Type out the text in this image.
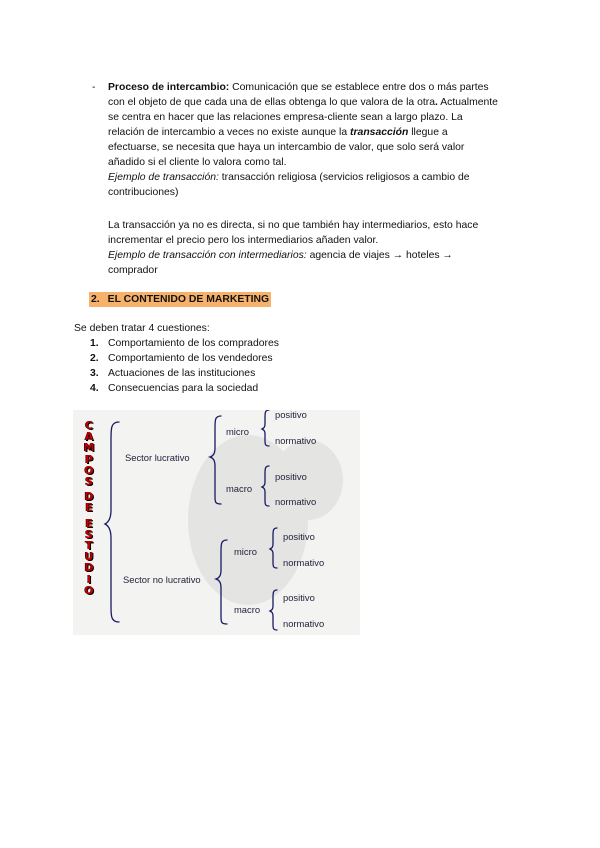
- Proceso de intercambio: Comunicación que se establece entre dos o más partes
con el objeto de que cada una de ellas obtenga lo que valora de la otra. Actualmente
se centra en hacer que las relaciones empresa-cliente sean a largo plazo. La
relación de intercambio a veces no existe aunque la transacción llegue a
efectuarse, se necesita que haya un intercambio de valor, que solo será valor
añadido si el cliente lo valora como tal.
Ejemplo de transacción: transacción religiosa (servicios religiosos a cambio de
contribuciones)
La transacción ya no es directa, si no que también hay intermediarios, esto hace
incrementar el precio pero los intermediarios añaden valor.
Ejemplo de transacción con intermediarios: agencia de viajes → hoteles →
comprador
2. EL CONTENIDO DE MARKETING
Se deben tratar 4 cuestiones:
1. Comportamiento de los compradores
2. Comportamiento de los vendedores
3. Actuaciones de las instituciones
4. Consecuencias para la sociedad
C
A
M
P
O
S
D
E
E
S
T
U
D
I
O
Sector lucrativo
Sector no lucrativo
micro
macro
micro
macro
positivo
normativo
positivo
normativo
positivo
normativo
positivo
normativo
